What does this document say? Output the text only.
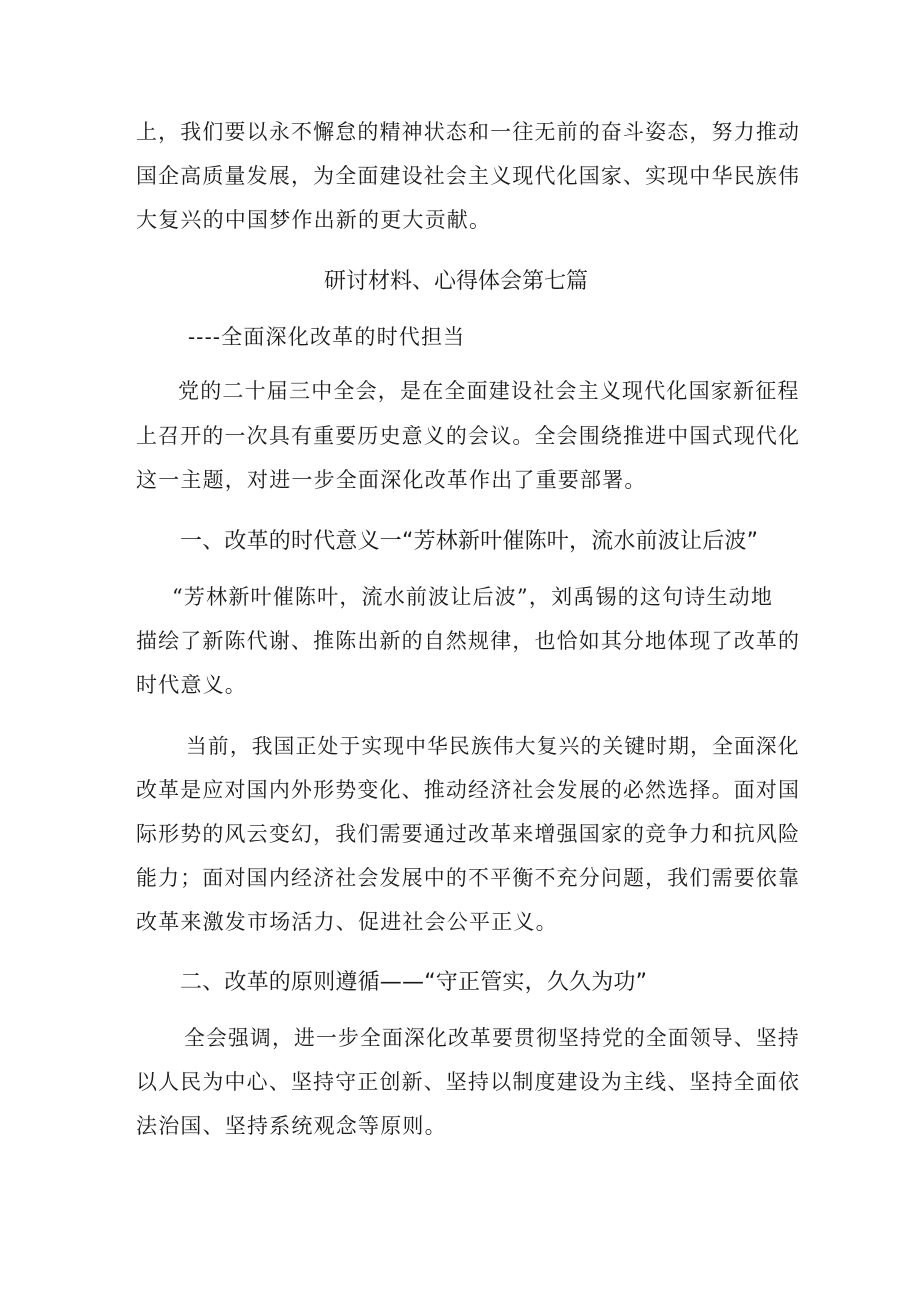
上，我们要以永不懈怠的精神状态和一往无前的奋斗姿态，努力推动
国企高质量发展，为全面建设社会主义现代化国家、实现中华民族伟
大复兴的中国梦作出新的更大贡献。
研讨材料、心得体会第七篇
----全面深化改革的时代担当
党的二十届三中全会，是在全面建设社会主义现代化国家新征程
上召开的一次具有重要历史意义的会议。全会围绕推进中国式现代化
这一主题，对进一步全面深化改革作出了重要部署。
一、改革的时代意义一“芳林新叶催陈叶，流水前波让后波”
“芳林新叶催陈叶，流水前波让后波”，刘禹锡的这句诗生动地
描绘了新陈代谢、推陈出新的自然规律，也恰如其分地体现了改革的
时代意义。
当前，我国正处于实现中华民族伟大复兴的关键时期，全面深化
改革是应对国内外形势变化、推动经济社会发展的必然选择。面对国
际形势的风云变幻，我们需要通过改革来增强国家的竞争力和抗风险
能力；面对国内经济社会发展中的不平衡不充分问题，我们需要依靠
改革来激发市场活力、促进社会公平正义。
二、改革的原则遵循——“守正管实，久久为功”
全会强调，进一步全面深化改革要贯彻坚持党的全面领导、坚持
以人民为中心、坚持守正创新、坚持以制度建设为主线、坚持全面依
法治国、坚持系统观念等原则。
